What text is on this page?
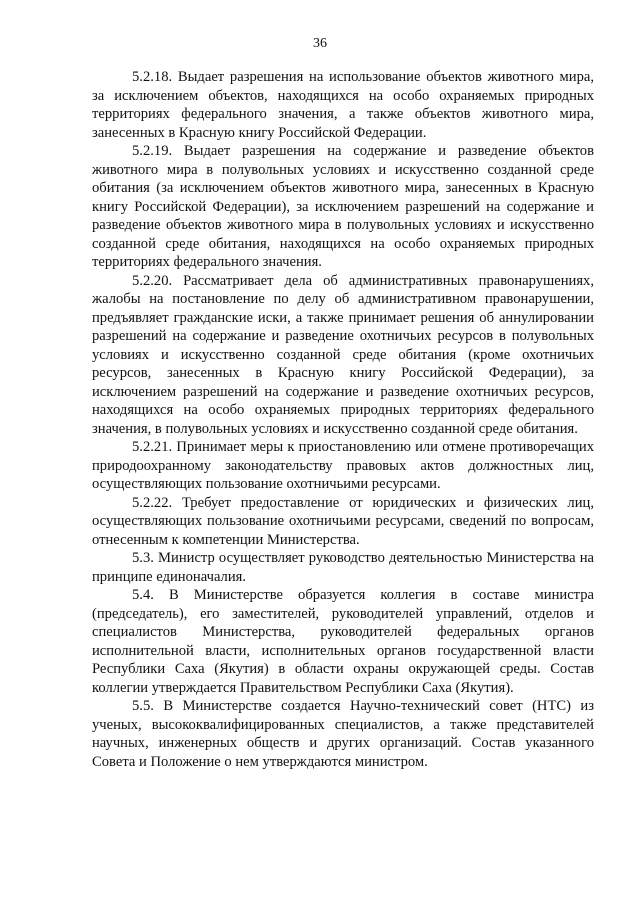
36

5.2.18. Выдает разрешения на использование объектов животного мира, за исключением объектов, находящихся на особо охраняемых природных территориях федерального значения, а также объектов животного мира, занесенных в Красную книгу Российской Федерации.

5.2.19. Выдает разрешения на содержание и разведение объектов животного мира в полувольных условиях и искусственно созданной среде обитания (за исключением объектов животного мира, занесенных в Красную книгу Российской Федерации), за исключением разрешений на содержание и разведение объектов животного мира в полувольных условиях и искусственно созданной среде обитания, находящихся на особо охраняемых природных территориях федерального значения.

5.2.20. Рассматривает дела об административных правонарушениях, жалобы на постановление по делу об административном правонарушении, предъявляет гражданские иски, а также принимает решения об аннулировании разрешений на содержание и разведение охотничьих ресурсов в полувольных условиях и искусственно созданной среде обитания (кроме охотничьих ресурсов, занесенных в Красную книгу Российской Федерации), за исключением разрешений на содержание и разведение охотничьих ресурсов, находящихся на особо охраняемых природных территориях федерального значения, в полувольных условиях и искусственно созданной среде обитания.

5.2.21. Принимает меры к приостановлению или отмене противоречащих природоохранному законодательству правовых актов должностных лиц, осуществляющих пользование охотничьими ресурсами.

5.2.22. Требует предоставление от юридических и физических лиц, осуществляющих пользование охотничьими ресурсами, сведений по вопросам, отнесенным к компетенции Министерства.

5.3. Министр осуществляет руководство деятельностью Министерства на принципе единоначалия.

5.4. В Министерстве образуется коллегия в составе министра (председатель), его заместителей, руководителей управлений, отделов и специалистов Министерства, руководителей федеральных органов исполнительной власти, исполнительных органов государственной власти Республики Саха (Якутия) в области охраны окружающей среды. Состав коллегии утверждается Правительством Республики Саха (Якутия).

5.5. В Министерстве создается Научно-технический совет (НТС) из ученых, высококвалифицированных специалистов, а также представителей научных, инженерных обществ и других организаций. Состав указанного Совета и Положение о нем утверждаются министром.
